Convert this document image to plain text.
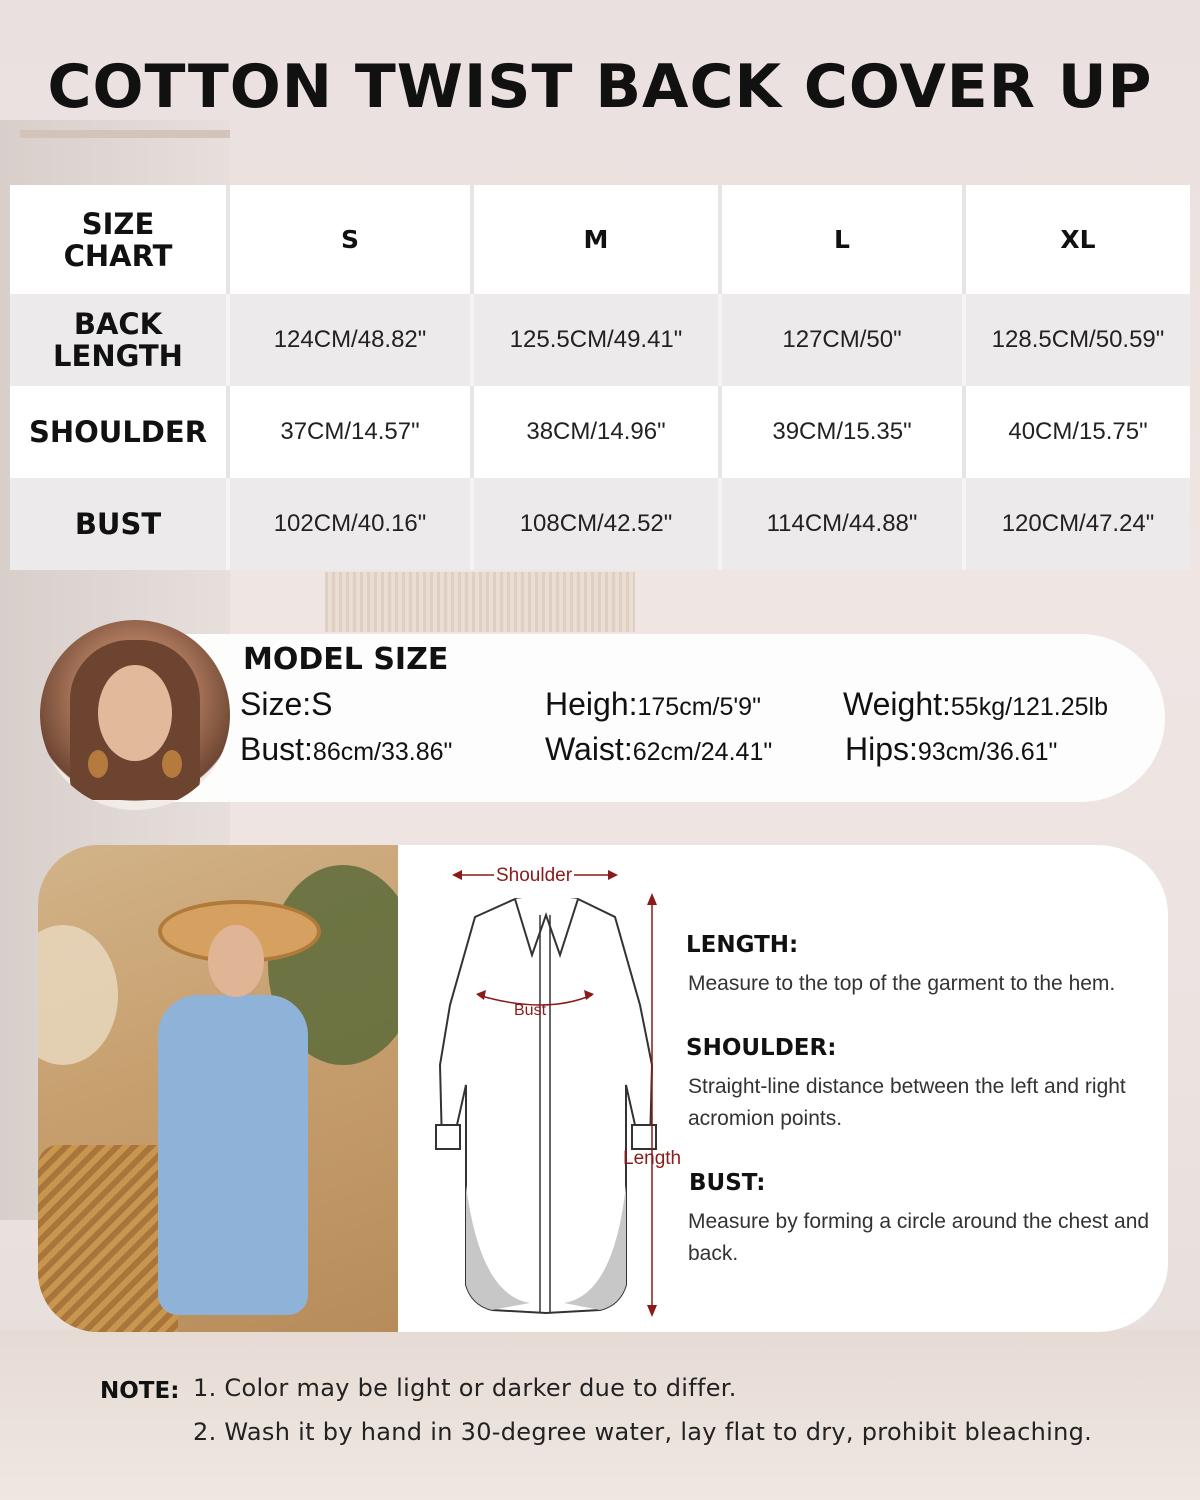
COTTON TWIST BACK COVER UP
SIZE CHART	S	M	L	XL
BACK LENGTH	124CM/48.82"	125.5CM/49.41"	127CM/50"	128.5CM/50.59"
SHOULDER	37CM/14.57"	38CM/14.96"	39CM/15.35"	40CM/15.75"
BUST	102CM/40.16"	108CM/42.52"	114CM/44.88"	120CM/47.24"
MODEL SIZE
Size:S	Heigh:175cm/5'9"	Weight:55kg/121.25lb
Bust:86cm/33.86"	Waist:62cm/24.41" Hips:93cm/36.61"
Shoulder
Bust
Length
LENGTH:
Measure to the top of the garment to the hem.
SHOULDER:
Straight-line distance between the left and right acromion points.
BUST:
Measure by forming a circle around the chest and back.
NOTE: 1. Color may be light or darker due to differ.
2. Wash it by hand in 30-degree water, lay flat to dry, prohibit bleaching.
